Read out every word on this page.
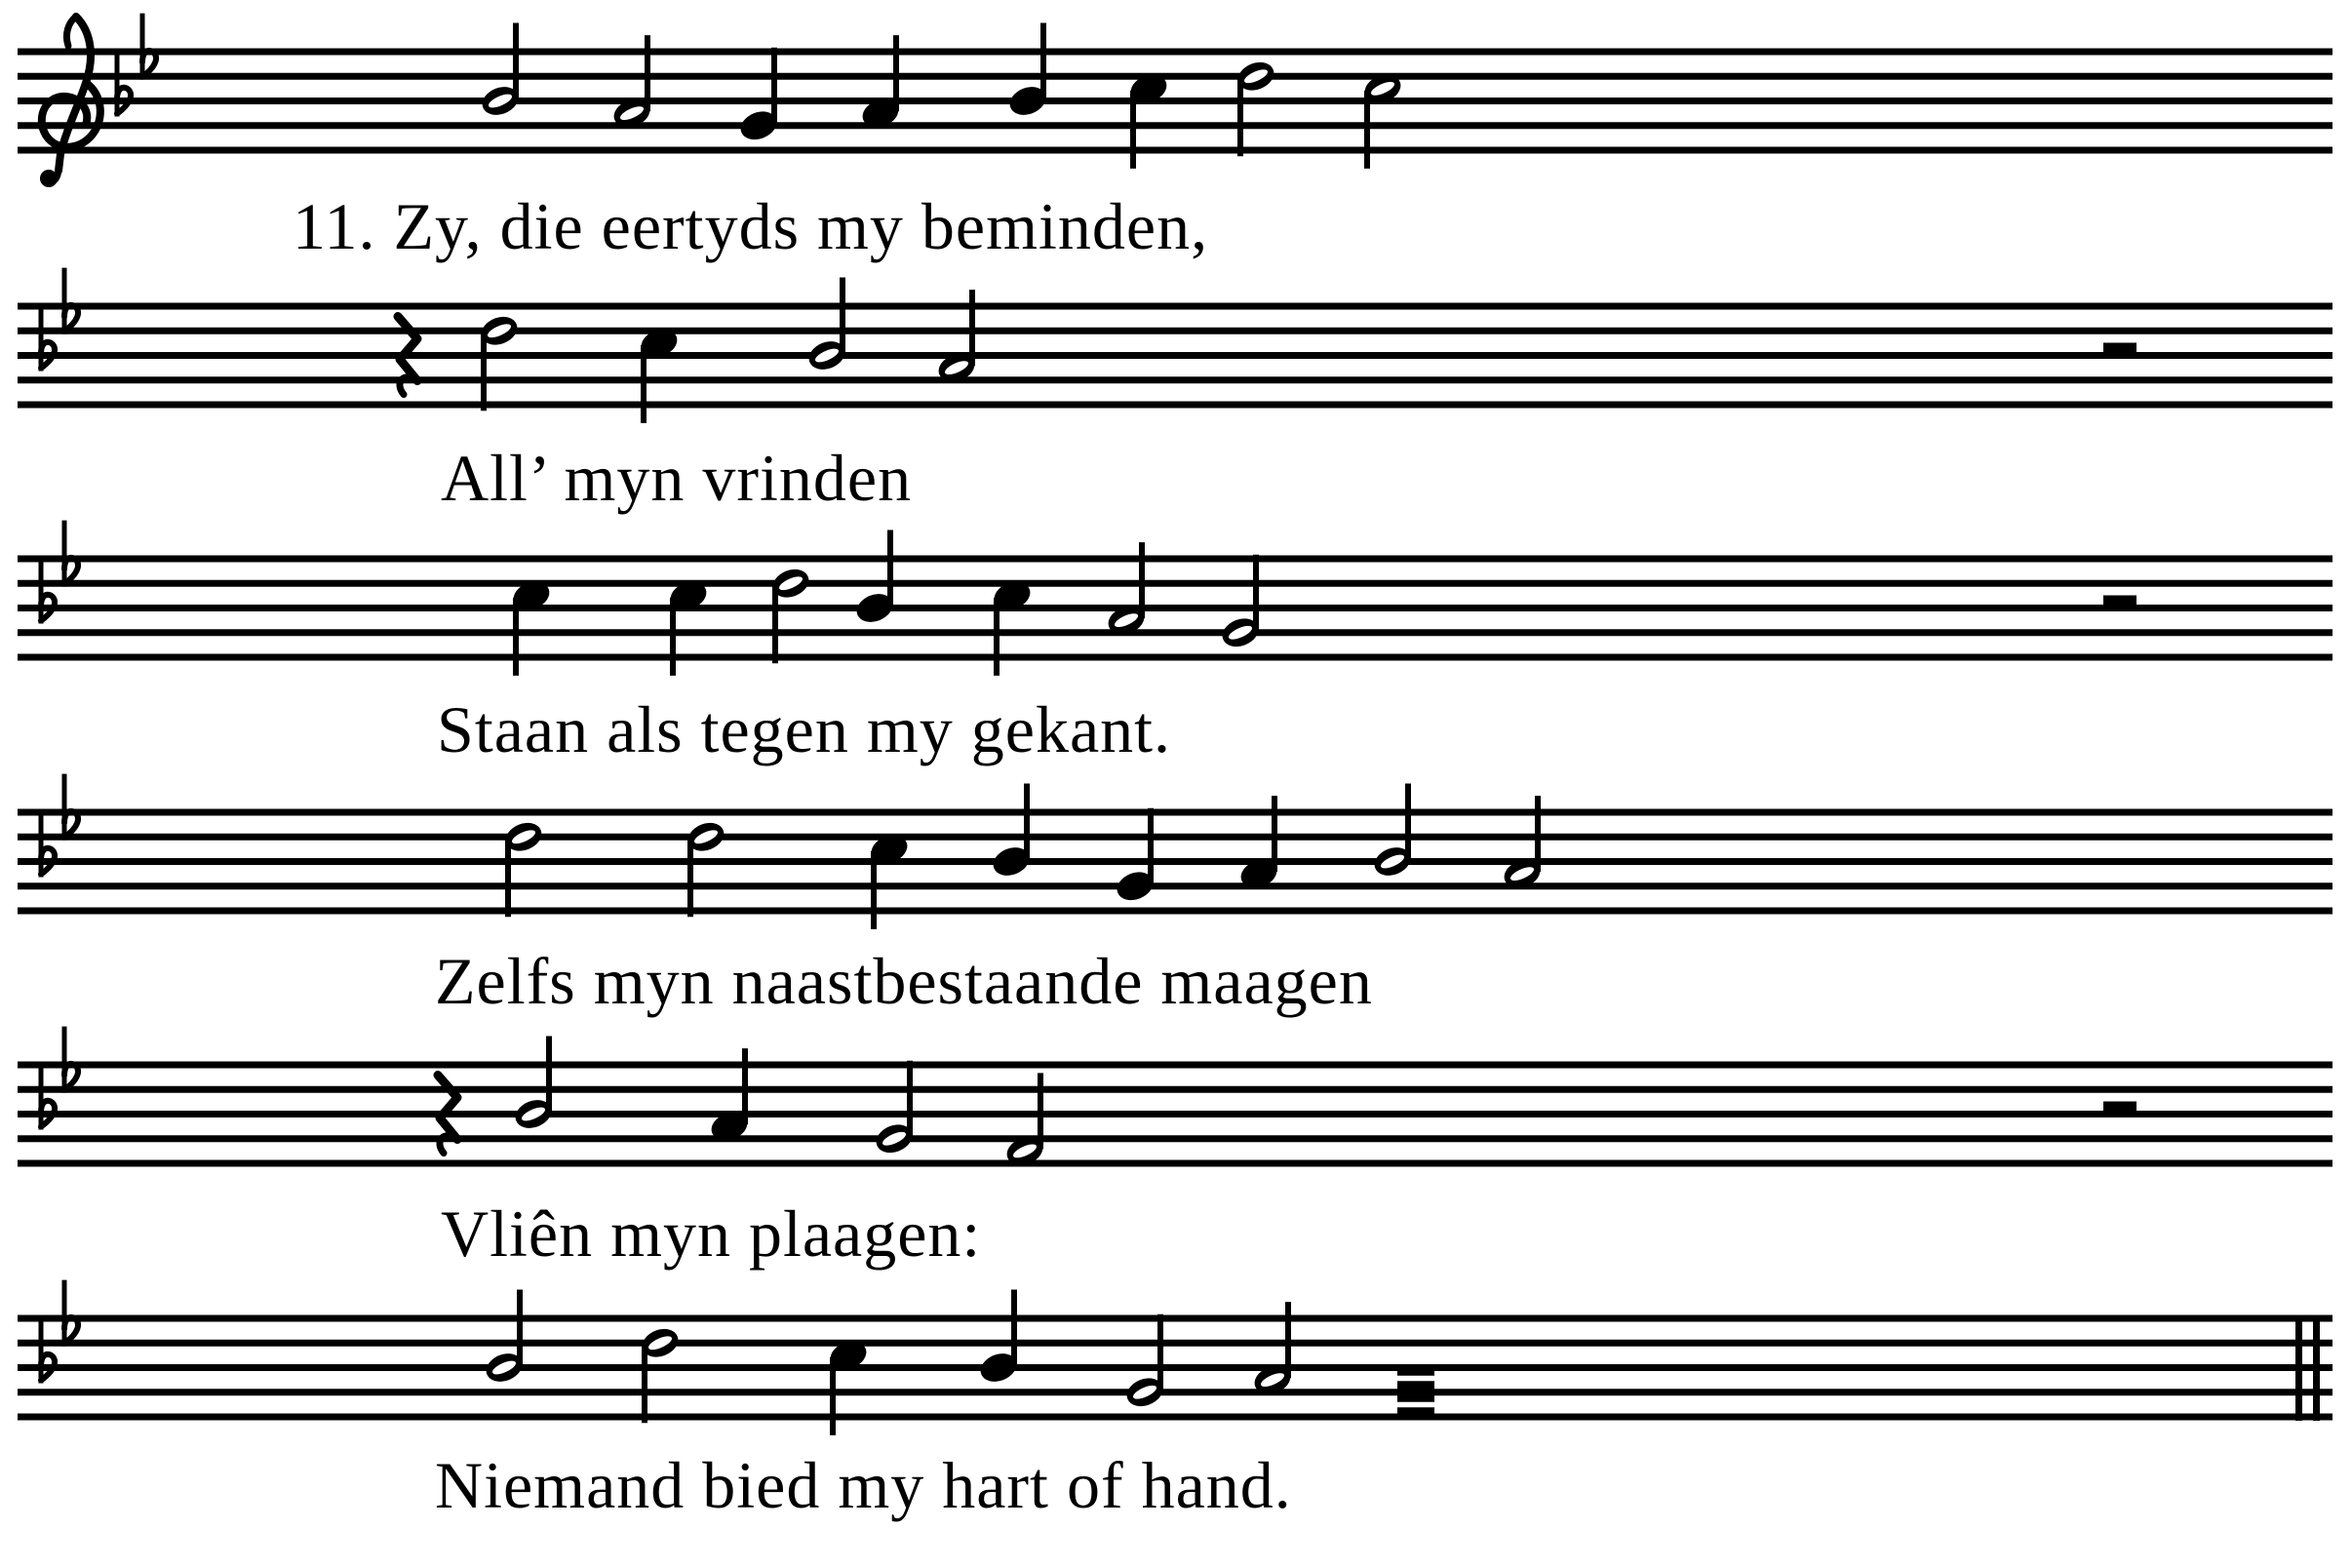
11. Zy, die eertyds my beminden,
All’ myn vrinden
Staan als tegen my gekant.
Zelfs myn naastbestaande maagen
Vliên myn plaagen:
Niemand bied my hart of hand.
